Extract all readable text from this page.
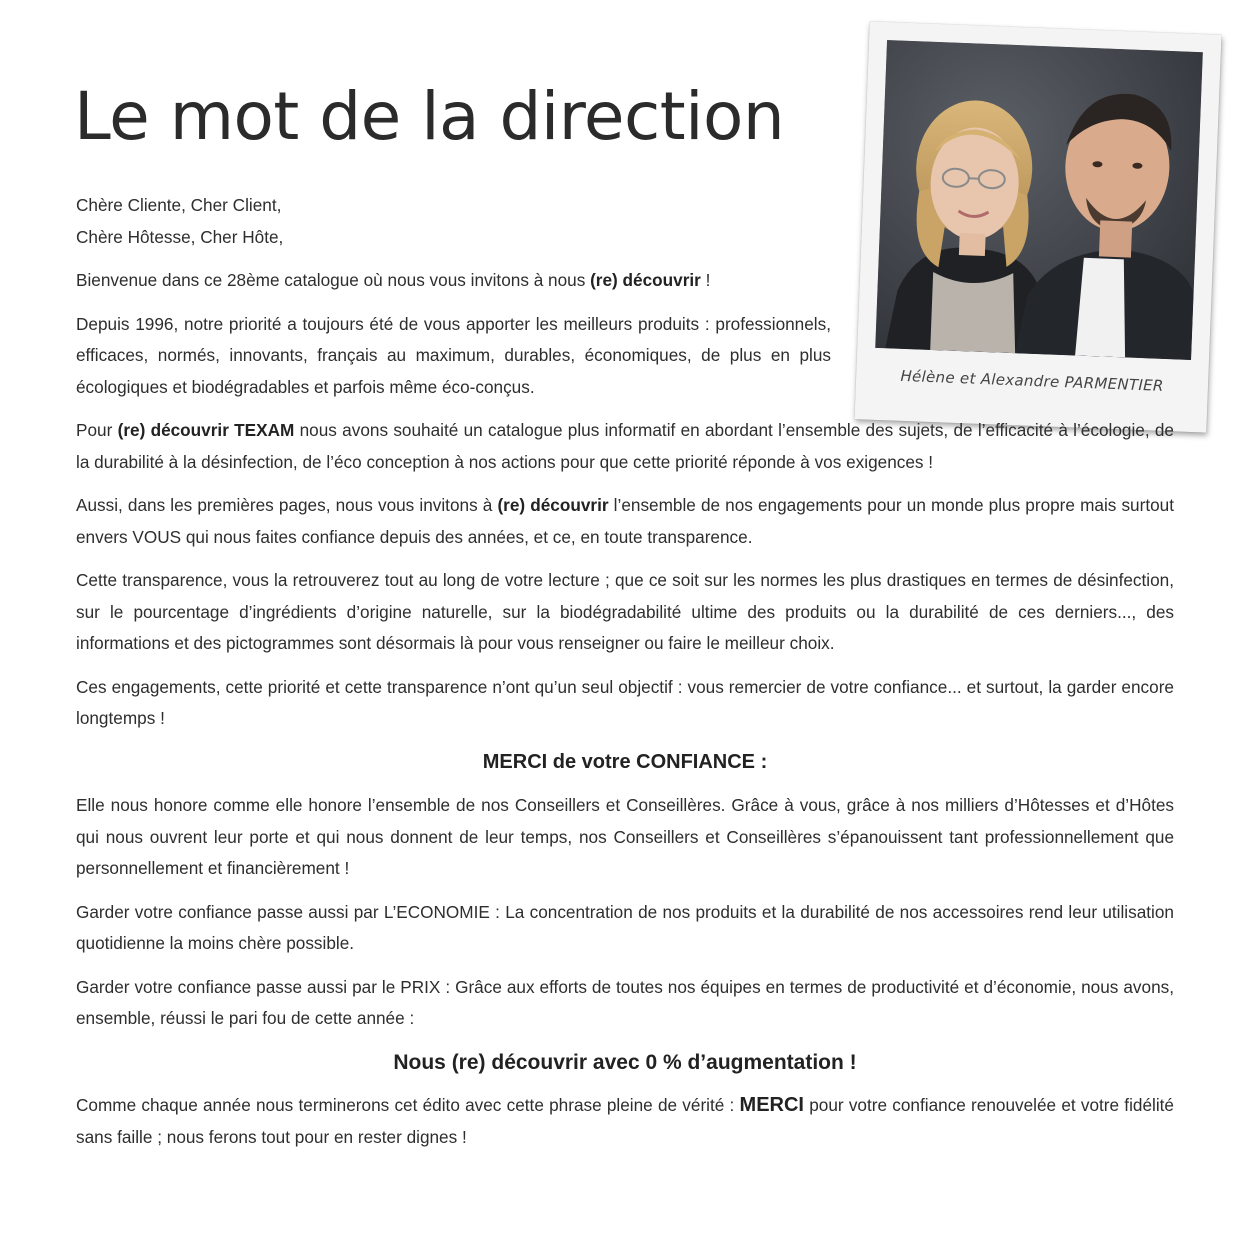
Le mot de la direction
Hélène et Alexandre PARMENTIER

Chère Cliente, Cher Client,

Chère Hôtesse, Cher Hôte,

Bienvenue dans ce 28ème catalogue où nous vous invitons à nous (re) découvrir !

Depuis 1996, notre priorité a toujours été de vous apporter les meilleurs produits : professionnels, efficaces, normés, innovants, français au maximum, durables, économiques, de plus en plus écologiques et biodégradables et parfois même éco-conçus.

Pour (re) découvrir TEXAM nous avons souhaité un catalogue plus informatif en abordant l’ensemble des sujets, de l’efficacité à l’écologie, de la durabilité à la désinfection, de l’éco conception à nos actions pour que cette priorité réponde à vos exigences !

Aussi, dans les premières pages, nous vous invitons à (re) découvrir l’ensemble de nos engagements pour un monde plus propre mais surtout envers VOUS qui nous faites confiance depuis des années, et ce, en toute transparence.

Cette transparence, vous la retrouverez tout au long de votre lecture ; que ce soit sur les normes les plus drastiques en termes de désinfection, sur le pourcentage d’ingrédients d’origine naturelle, sur la biodégradabilité ultime des produits ou la durabilité de ces derniers..., des informations et des pictogrammes sont désormais là pour vous renseigner ou faire le meilleur choix.

Ces engagements, cette priorité et cette transparence n’ont qu’un seul objectif : vous remercier de votre confiance... et surtout, la garder encore longtemps !

MERCI de votre CONFIANCE :

Elle nous honore comme elle honore l’ensemble de nos Conseillers et Conseillères. Grâce à vous, grâce à nos milliers d’Hôtesses et d’Hôtes qui nous ouvrent leur porte et qui nous donnent de leur temps, nos Conseillers et Conseillères s’épanouissent tant professionnellement que personnellement et financièrement !

Garder votre confiance passe aussi par L’ECONOMIE : La concentration de nos produits et la durabilité de nos accessoires rend leur utilisation quotidienne la moins chère possible.

Garder votre confiance passe aussi par le PRIX : Grâce aux efforts de toutes nos équipes en termes de productivité et d’économie, nous avons, ensemble, réussi le pari fou de cette année :

Nous (re) découvrir avec 0 % d’augmentation !

Comme chaque année nous terminerons cet édito avec cette phrase pleine de vérité : MERCI pour votre confiance renouvelée et votre fidélité sans faille ; nous ferons tout pour en rester dignes !
